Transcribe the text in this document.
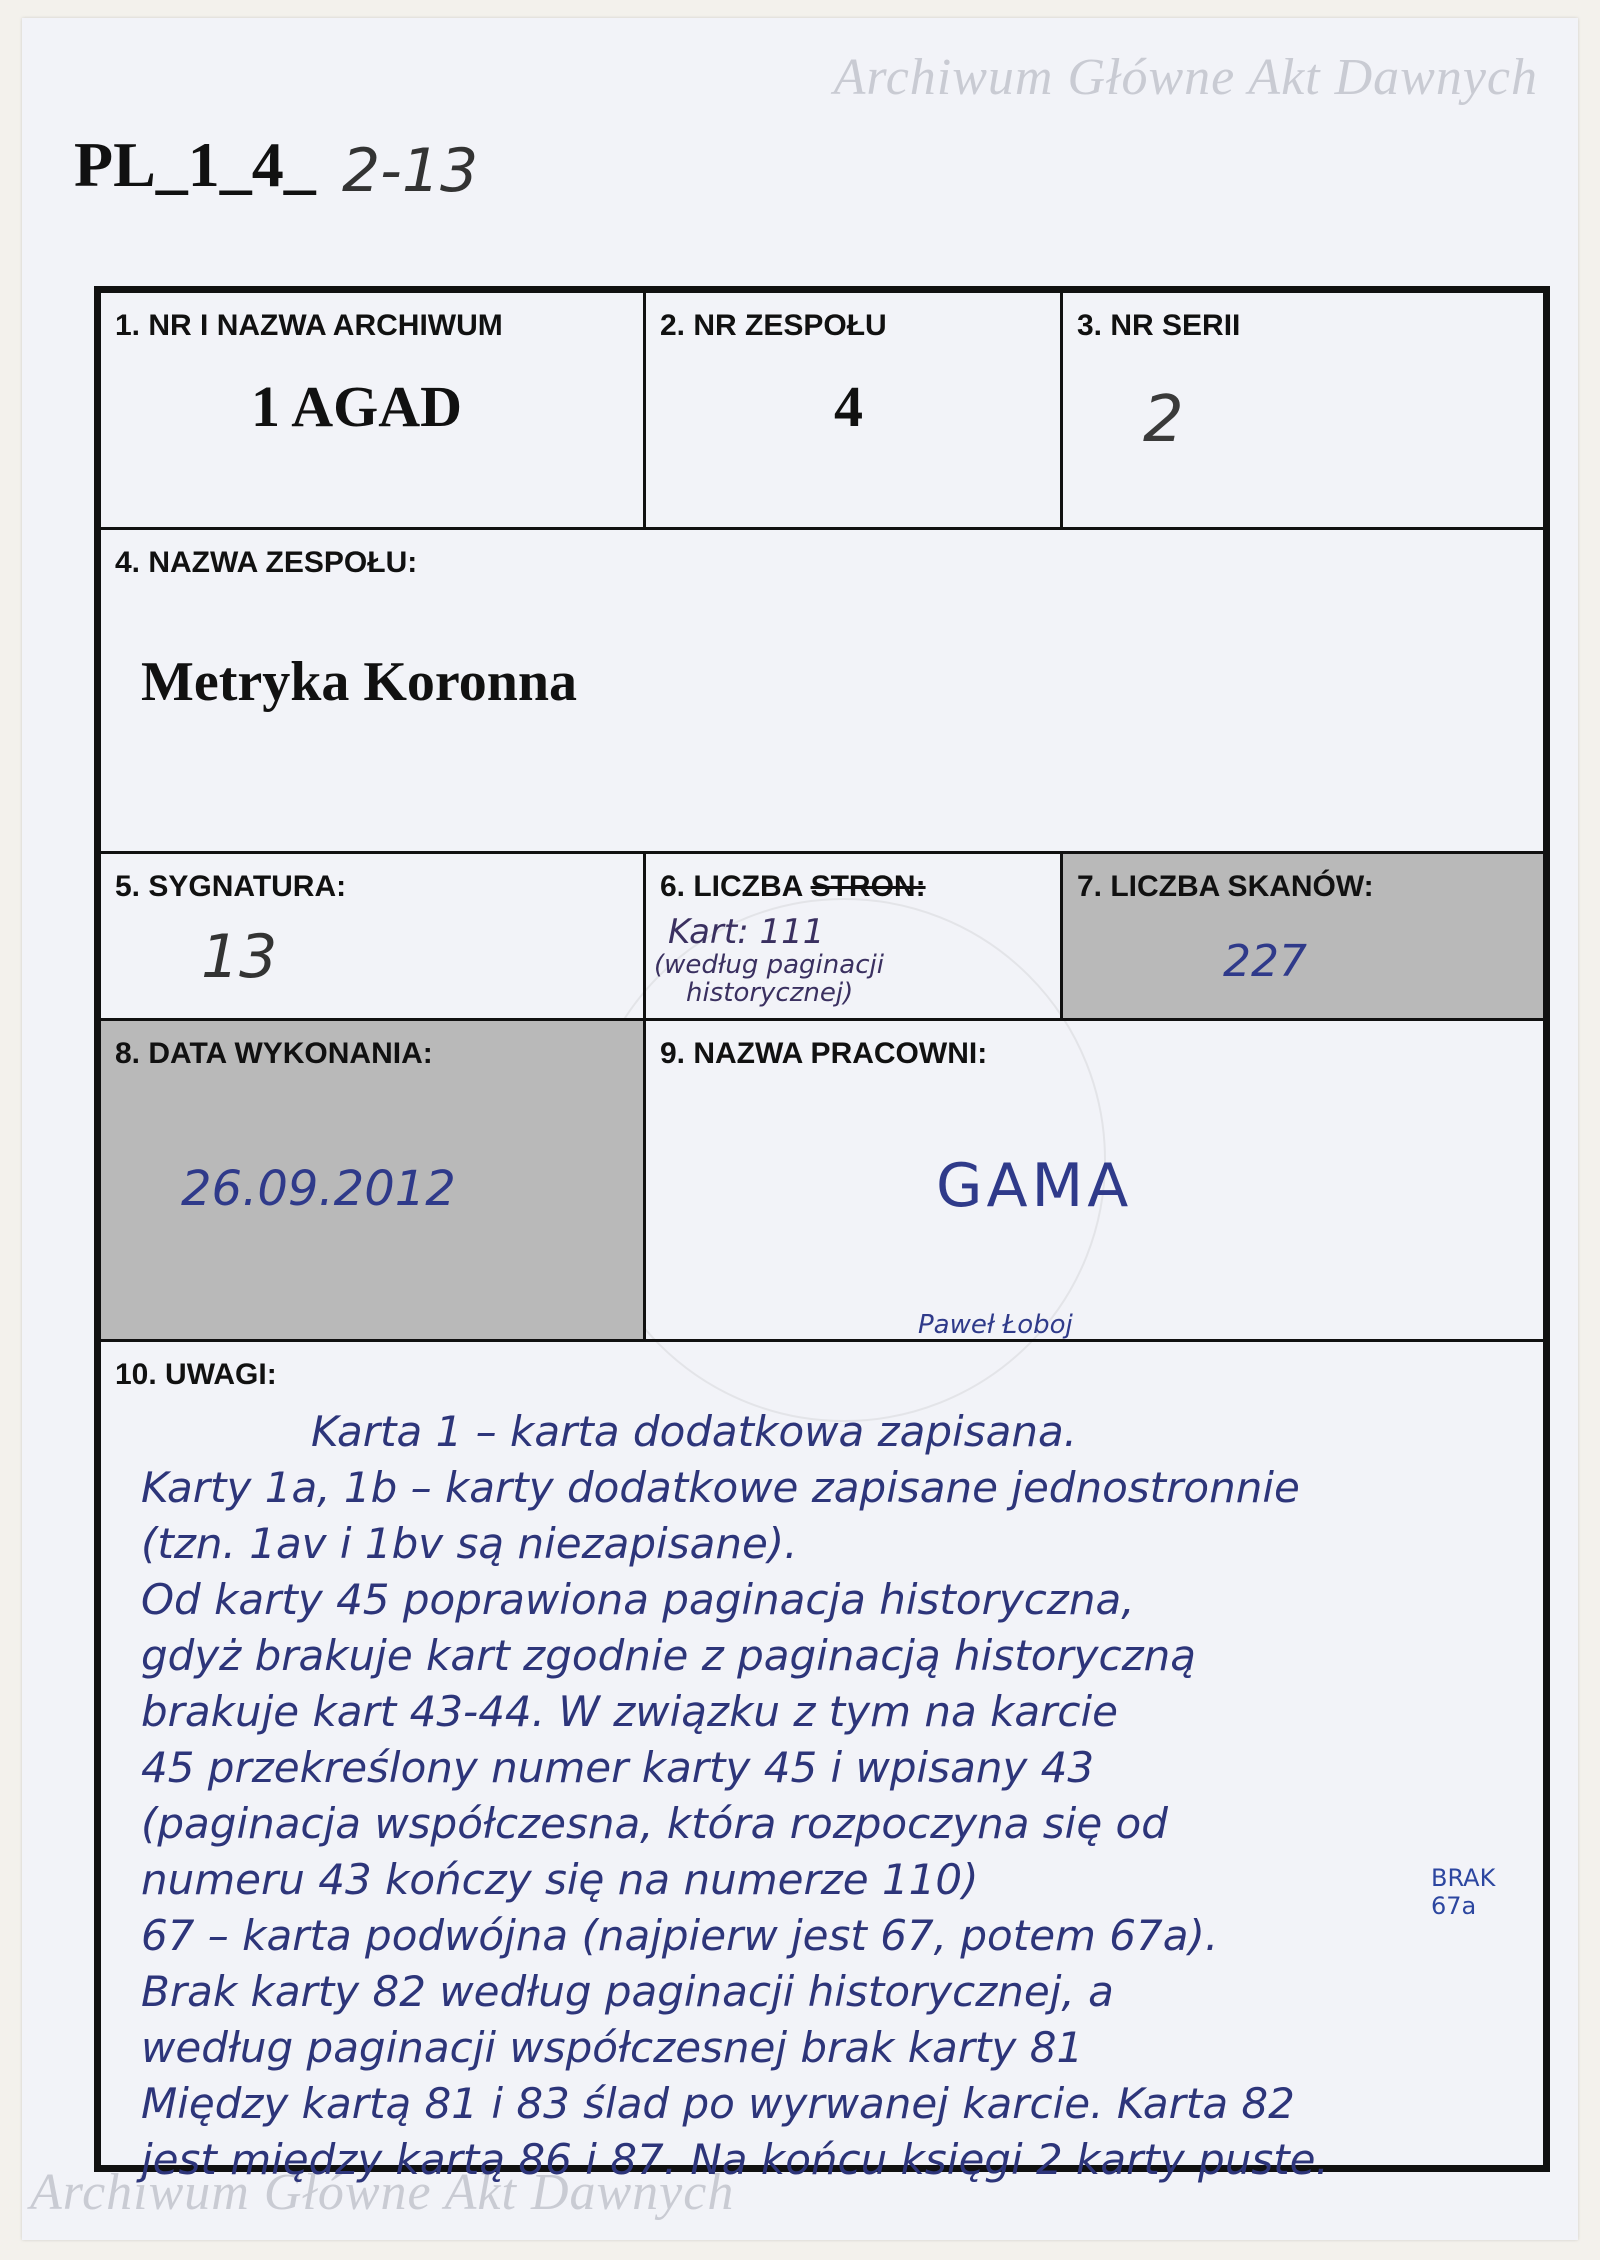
Archiwum Główne Akt Dawnych
Archiwum Główne Akt Dawnych
PL_1_4_ 2-13
1. NR I NAZWA ARCHIWUM
1 AGAD
2. NR ZESPOŁU
4
3. NR SERII
2
4. NAZWA ZESPOŁU:
Metryka Koronna
5. SYGNATURA:
13
6. LICZBA STRON:
Kart: 111
(według paginacji
historycznej)
7. LICZBA SKANÓW:
227
8. DATA WYKONANIA:
26.09.2012
9. NAZWA PRACOWNI:
GAMA
Paweł Łoboj
10. UWAGI:
BRAK 67a
Karta 1 – karta dodatkowa zapisana.
Karty 1a, 1b – karty dodatkowe zapisane jednostronnie
(tzn. 1av i 1bv są niezapisane).
Od karty 45 poprawiona paginacja historyczna,
gdyż brakuje kart zgodnie z paginacją historyczną
brakuje kart 43-44. W związku z tym na karcie
45 przekreślony numer karty 45 i wpisany 43
(paginacja współczesna, która rozpoczyna się od
numeru 43 kończy się na numerze 110)
67 – karta podwójna (najpierw jest 67, potem 67a).
Brak karty 82 według paginacji historycznej, a
według paginacji współczesnej brak karty 81
Między kartą 81 i 83 ślad po wyrwanej karcie. Karta 82
jest między kartą 86 i 87. Na końcu księgi 2 karty puste.
